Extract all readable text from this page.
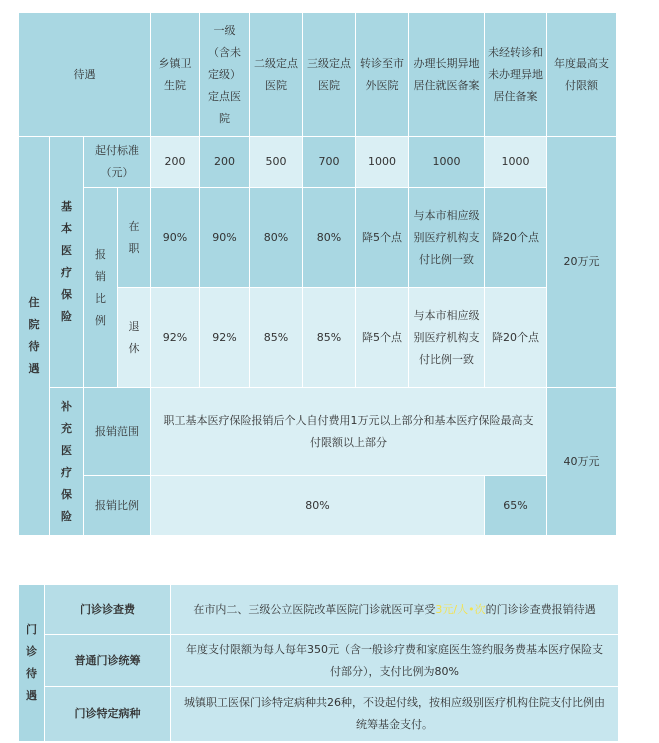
待遇				乡镇卫生院	一级（含未定级）定点医院	二级定点医院	三级定点医院	转诊至市外医院	办理长期异地居住就医备案	未经转诊和未办理异地居住备案	年度最高支付限额

住院待遇	基本医疗保险	起付标准（元）		200	200	500	700	1000	1000	1000	20万元

		报销比例	在职	90%	90%	80%	80%	降5个点	与本市相应级别医疗机构支付比例一致	降20个点	

			退休	92%	92%	85%	85%	降5个点	与本市相应级别医疗机构支付比例一致	降20个点	

	补充医疗保险	报销范围		职工基本医疗保险报销后个人自付费用1万元以上部分和基本医疗保险最高支付限额以上部分							40万元
		报销比例		80%						65%	
门诊待遇	门诊诊查费	在市内二、三级公立医院改革医院门诊就医可享受3元/人•次的门诊诊查费报销待遇
	普通门诊统筹	年度支付限额为每人每年350元（含一般诊疗费和家庭医生签约服务费基本医疗保险支付部分），支付比例为80%
	门诊特定病种	城镇职工医保门诊特定病种共26种，不设起付线，按相应级别医疗机构住院支付比例由统筹基金支付。
